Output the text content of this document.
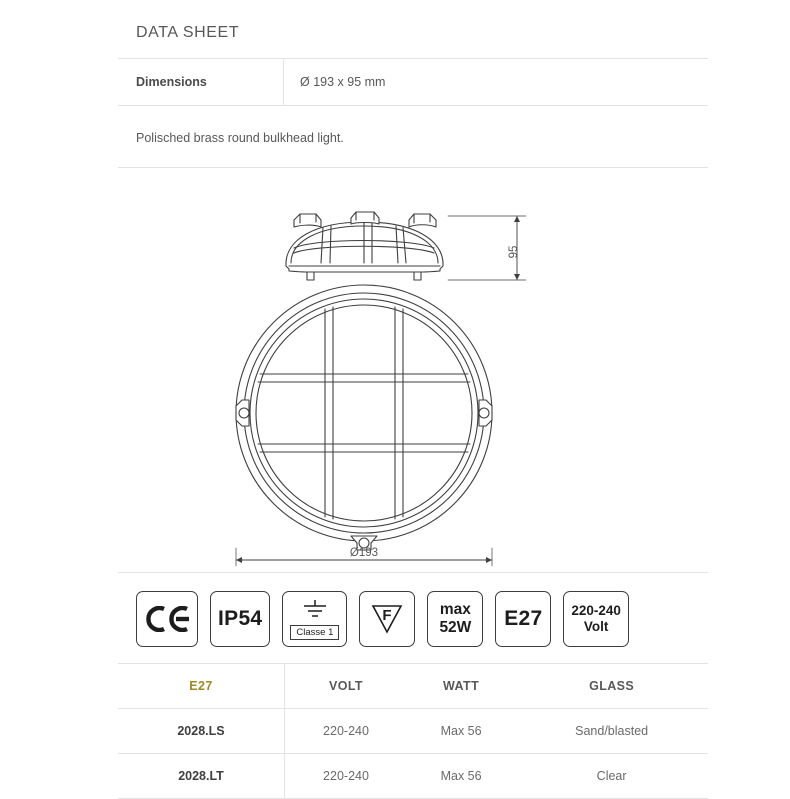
DATA SHEET
Dimensions	Ø 193 x 95 mm
Polisched brass round bulkhead light.
95
Ø193
IP54
Classe 1
F	max
52W E27 220-240
Volt
E27	VOLT	WATT	GLASS
2028.LS	220-240	Max 56	Sand/blasted
2028.LT	220-240	Max 56	Clear
